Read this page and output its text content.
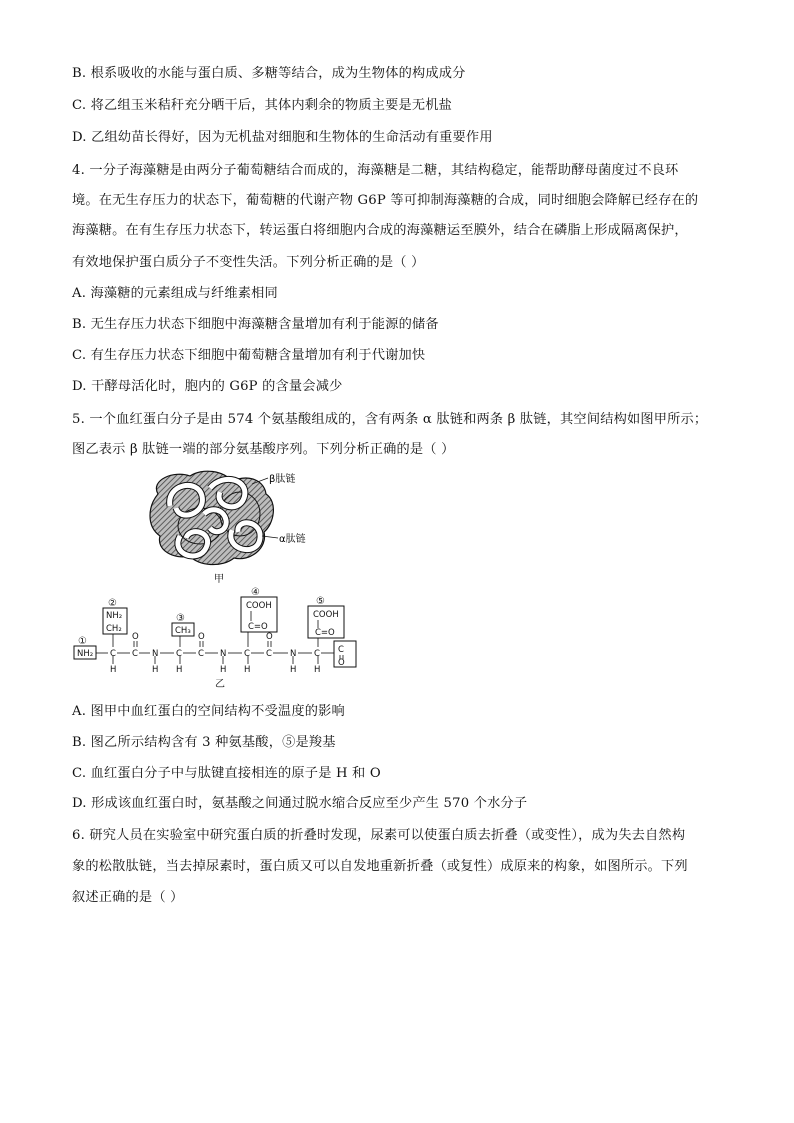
B. 根系吸收的水能与蛋白质、多糖等结合，成为生物体的构成成分
C. 将乙组玉米秸秆充分晒干后，其体内剩余的物质主要是无机盐
D. 乙组幼苗长得好，因为无机盐对细胞和生物体的生命活动有重要作用
4. 一分子海藻糖是由两分子葡萄糖结合而成的，海藻糖是二糖，其结构稳定，能帮助酵母菌度过不良环
境。在无生存压力的状态下，葡萄糖的代谢产物 G6P 等可抑制海藻糖的合成，同时细胞会降解已经存在的
海藻糖。在有生存压力状态下，转运蛋白将细胞内合成的海藻糖运至膜外，结合在磷脂上形成隔离保护，
有效地保护蛋白质分子不变性失活。下列分析正确的是（ ）
A. 海藻糖的元素组成与纤维素相同
B. 无生存压力状态下细胞中海藻糖含量增加有利于能源的储备
C. 有生存压力状态下细胞中葡萄糖含量增加有利于代谢加快
D. 干酵母活化时，胞内的 G6P 的含量会减少
5. 一个血红蛋白分子是由 574 个氨基酸组成的，含有两条 α 肽链和两条 β 肽链，其空间结构如图甲所示；
图乙表示 β 肽链一端的部分氨基酸序列。下列分析正确的是（ ）
β肽链
α肽链
甲
①
②
③
④
⑤
NH₂
NH₂
CH₂	CH₃
COOH
C=O
COOH
C=O
C C N C C N C C N C C
O	O	O
O
H	H H	H H	H H
乙
A. 图甲中血红蛋白的空间结构不受温度的影响
B. 图乙所示结构含有 3 种氨基酸，⑤是羧基
C. 血红蛋白分子中与肽键直接相连的原子是 H 和 O
D. 形成该血红蛋白时，氨基酸之间通过脱水缩合反应至少产生 570 个水分子
6. 研究人员在实验室中研究蛋白质的折叠时发现，尿素可以使蛋白质去折叠（或变性），成为失去自然构
象的松散肽链，当去掉尿素时，蛋白质又可以自发地重新折叠（或复性）成原来的构象，如图所示。下列
叙述正确的是（ ）
